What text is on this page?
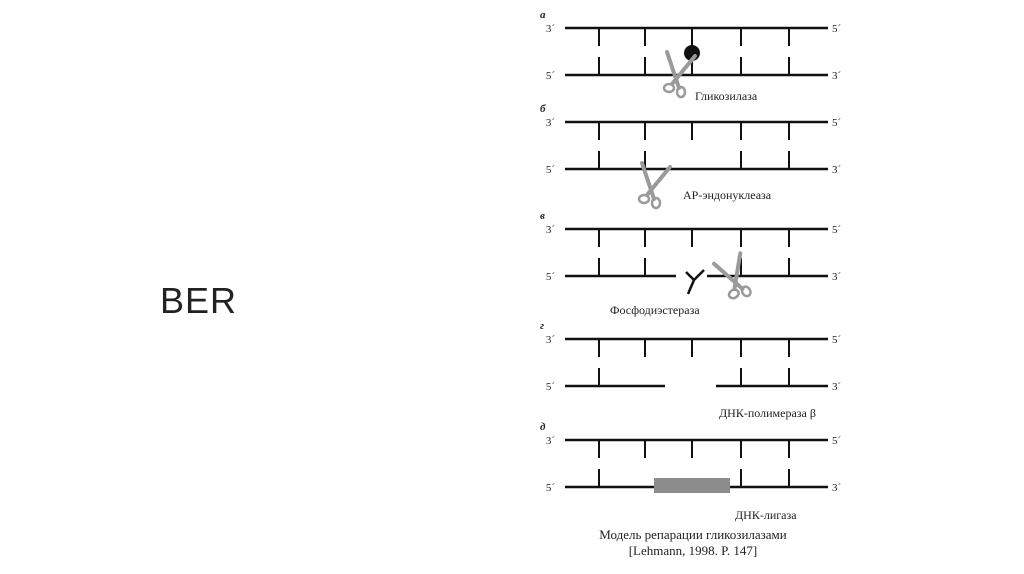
BER
а
3´	5´
5´	3´
Гликозилаза
б
3´	5´
5´	3´
AP-эндонуклеаза
в
3´	5´
5´	3´
Фосфодиэстераза
г
3´	5´
5´	3´
ДНК-полимераза β
д
3´	5´
5´	3´
ДНК-лигаза
Модель репарации гликозилазами
[Lehmann, 1998. P. 147]
